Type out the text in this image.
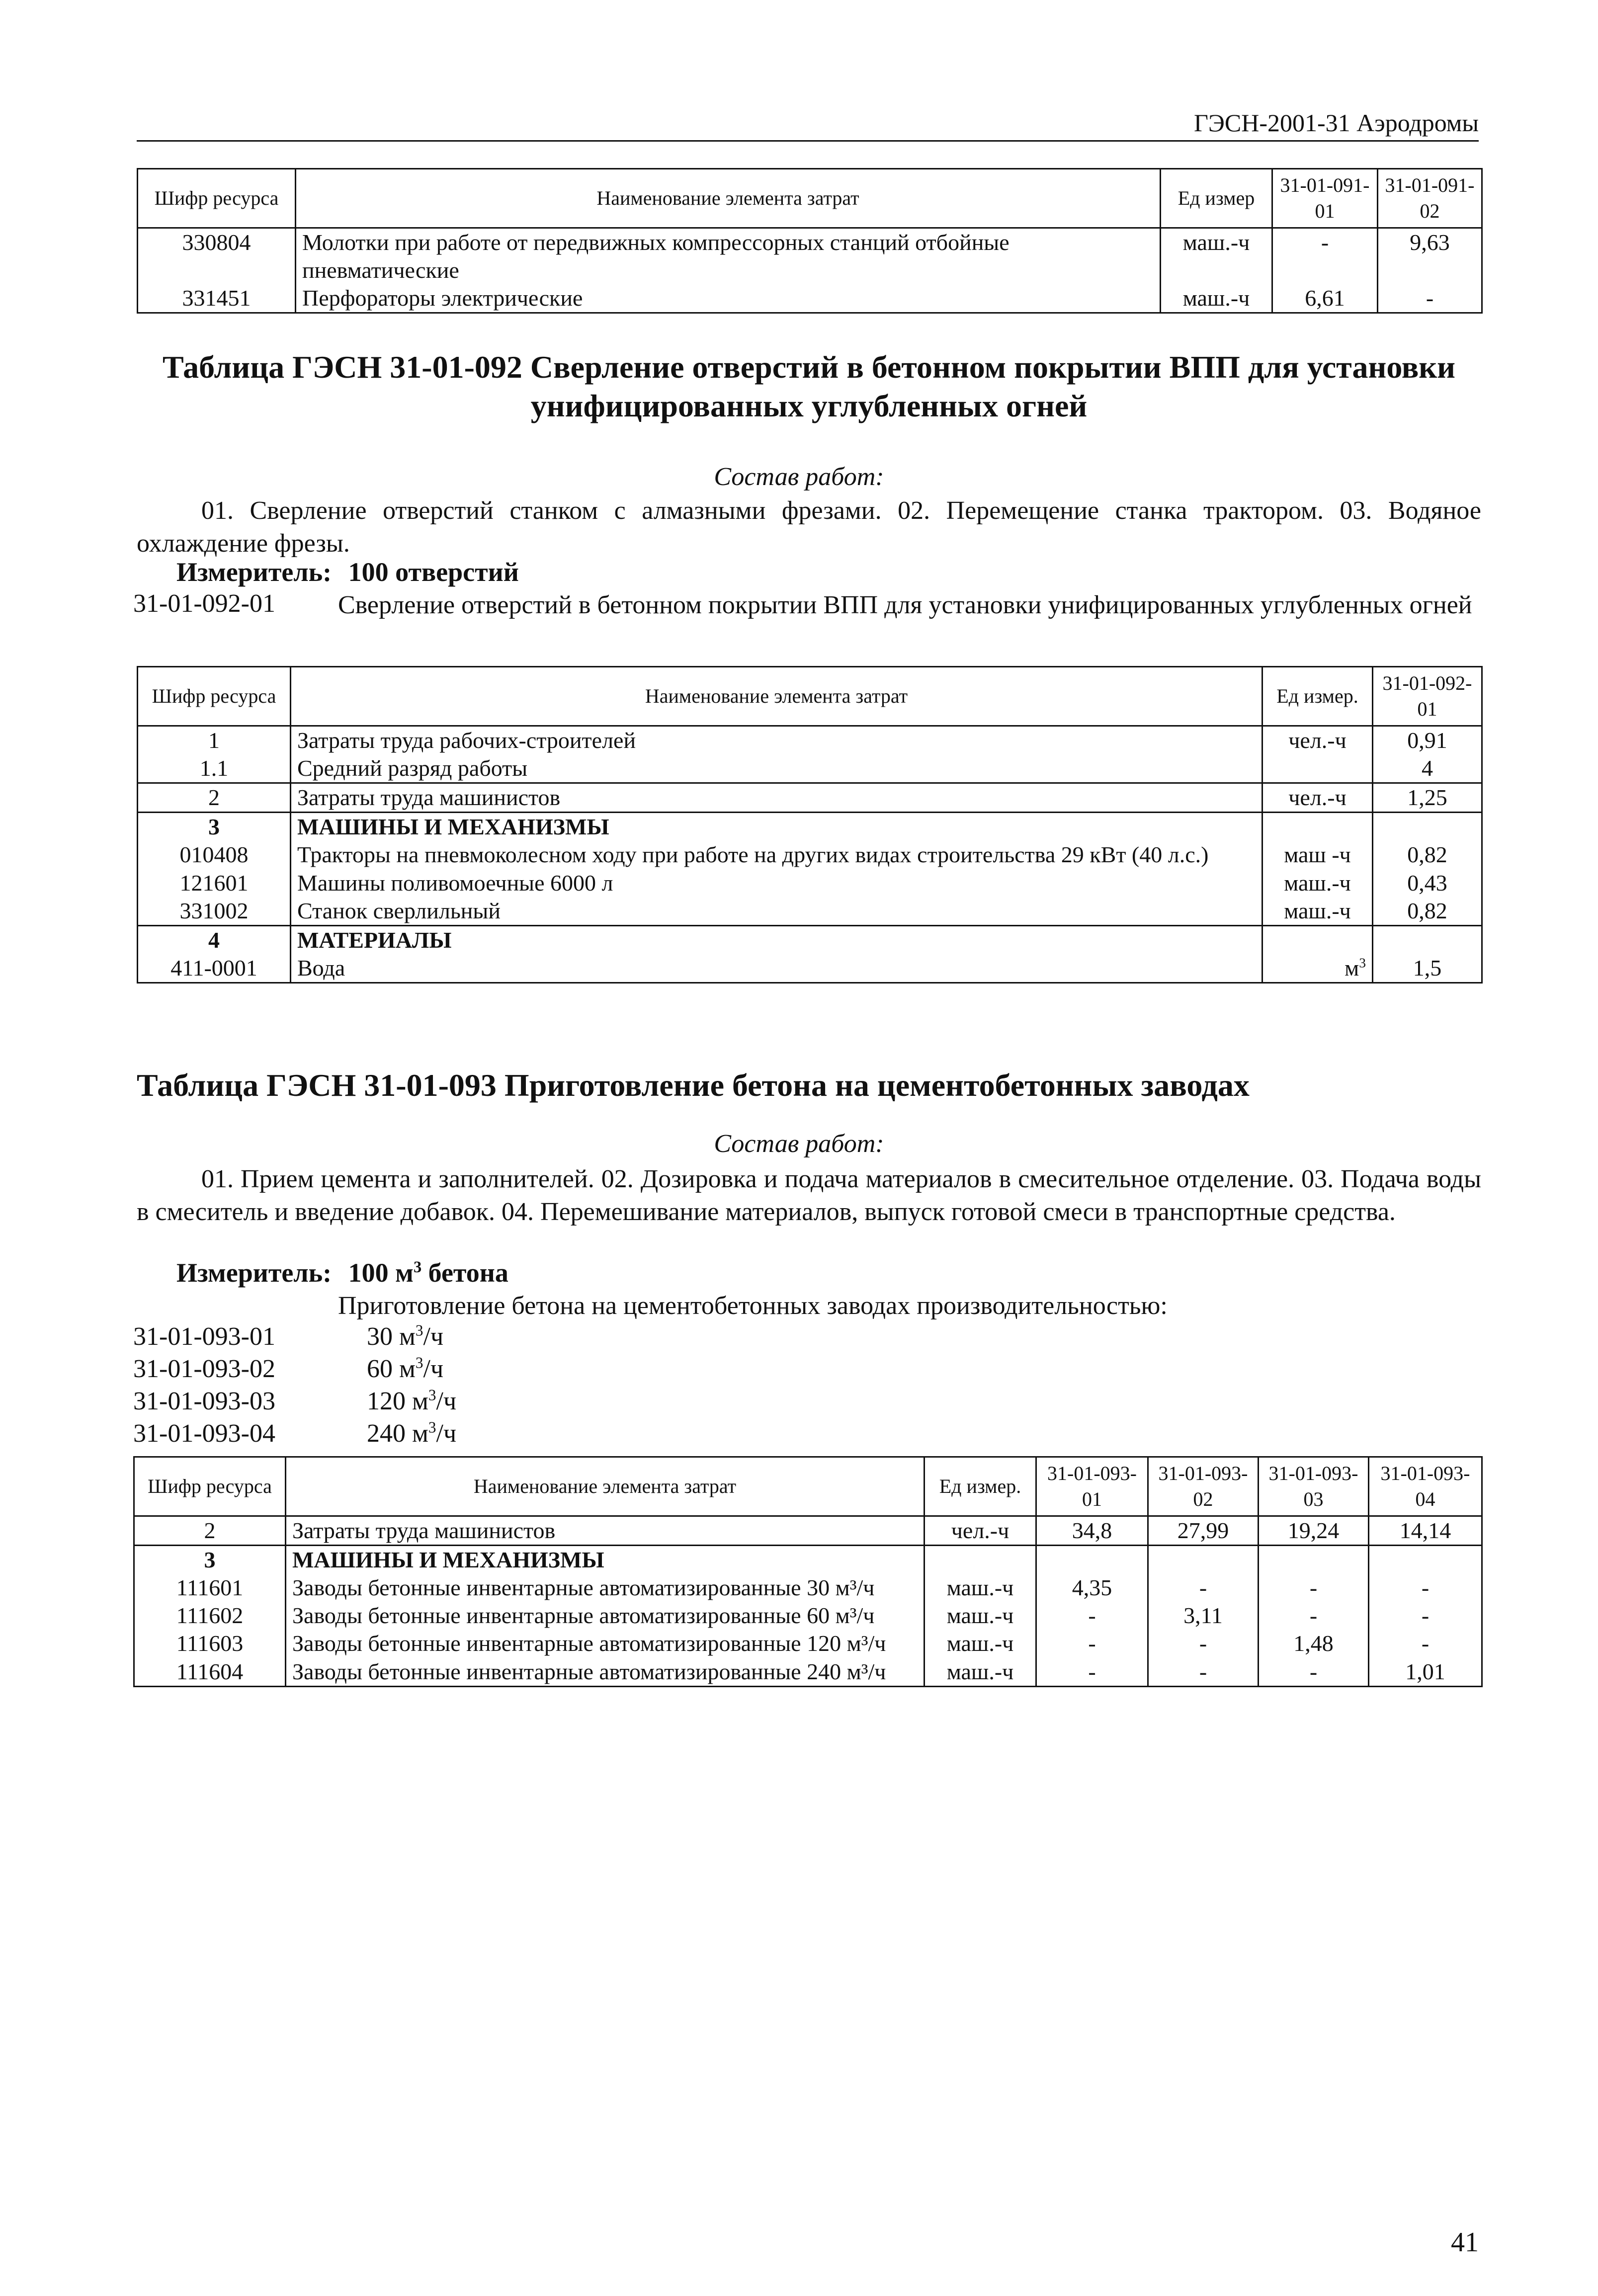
ГЭСН-2001-31 Аэродромы
Шифр ресурса	Наименование элемента затрат	Ед измер	31-01-091-01	31-01-091-02
330804	Молотки при работе от передвижных компрессорных станций отбойные пневматические	маш.-ч	-	9,63
331451	Перфораторы электрические	маш.-ч	6,61	-
Таблица ГЭСН 31-01-092 Сверление отверстий в бетонном покрытии ВПП для установки унифицированных углубленных огней
Состав работ:
01. Сверление отверстий станком с алмазными фрезами. 02. Перемещение станка трактором. 03. Водяное охлаждение фрезы.
Измеритель: 100 отверстий
31-01-092-01 Сверление отверстий в бетонном покрытии ВПП для установки унифицированных углубленных огней
Шифр ресурса	Наименование элемента затрат	Ед измер.	31-01-092-01
1	Затраты труда рабочих-строителей	чел.-ч	0,91
1.1	Средний разряд работы		4
2	Затраты труда машинистов	чел.-ч	1,25
3	МАШИНЫ И МЕХАНИЗМЫ		
010408	Тракторы на пневмоколесном ходу при работе на других видах строительства 29 кВт (40 л.с.)	маш -ч	0,82
121601	Машины поливомоечные 6000 л	маш.-ч	0,43
331002	Станок сверлильный	маш.-ч	0,82
4	МАТЕРИАЛЫ		
411-0001	Вода	$м^3$	1,5
Таблица ГЭСН 31-01-093 Приготовление бетона на цементобетонных заводах
Состав работ:
01. Прием цемента и заполнителей. 02. Дозировка и подача материалов в смесительное отделение. 03. Подача воды в смеситель и введение добавок. 04. Перемешивание материалов, выпуск готовой смеси в транспортные средства.
Измеритель: 100 $м^3$ бетона
Приготовление бетона на цементобетонных заводах производительностью:
31-01-093-01	30 $м^3/ч$
31-01-093-02	60 $м^3/ч$
31-01-093-03	120 $м^3/ч$
31-01-093-04	240 $м^3/ч$
Шифр ресурса	Наименование элемента затрат	Ед измер.	31-01-093-01	31-01-093-02	31-01-093-03	31-01-093-04
2	Затраты труда машинистов	чел.-ч	34,8	27,99	19,24	14,14
3	МАШИНЫ И МЕХАНИЗМЫ					
111601	Заводы бетонные инвентарные автоматизированные 30 м³/ч	маш.-ч	4,35	-	-	-
111602	Заводы бетонные инвентарные автоматизированные 60 м³/ч	маш.-ч	-	3,11	-	-
111603	Заводы бетонные инвентарные автоматизированные 120 м³/ч	маш.-ч	-	-	1,48	-
111604	Заводы бетонные инвентарные автоматизированные 240 м³/ч	маш.-ч	-	-	-	1,01
41
